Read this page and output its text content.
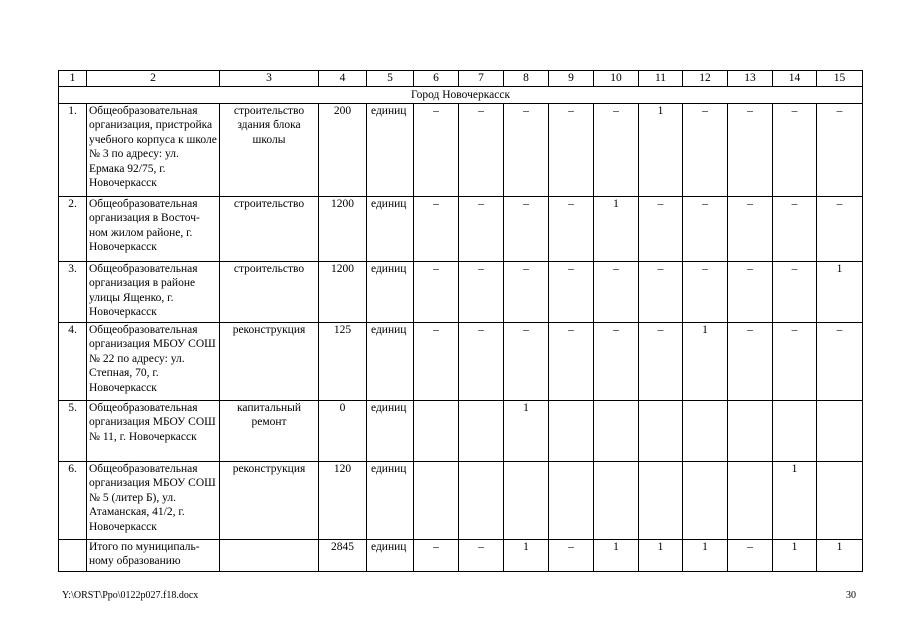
1	2	3	4	5	6	7	8	9	10	11	12	13	14	15
Город Новочеркасск														
1.	Общеобразовательная организация, пристройка учебного корпуса к школе № 3 по адресу: ул. Ермака 92/75, г. Новочеркасск	строительство здания блока школы	200	единиц	–	–	–	–	–	1	–	–	–	–
2.	Общеобразовательная организация в Восточ-ном жилом районе, г. Новочеркасск	строительство	1200	единиц	–	–	–	–	1	–	–	–	–	–
3.	Общеобразовательная организация в районе улицы Ященко, г. Новочеркасск	строительство	1200	единиц	–	–	–	–	–	–	–	–	–	1
4.	Общеобразовательная организация МБОУ СОШ № 22 по адресу: ул. Степная, 70, г. Новочеркасск	реконструкция	125	единиц	–	–	–	–	–	–	1	–	–	–
5.	Общеобразовательная организация МБОУ СОШ № 11, г. Новочеркасск	капитальный ремонт	0	единиц			1							
6.	Общеобразовательная организация МБОУ СОШ № 5 (литер Б), ул. Атаманская, 41/2, г. Новочеркасск	реконструкция	120	единиц									1	
	Итого по муниципаль-ному образованию		2845	единиц	–	–	1	–	1	1	1	–	1	1
Y:\ORST\Ppo\0122p027.f18.docx	30
